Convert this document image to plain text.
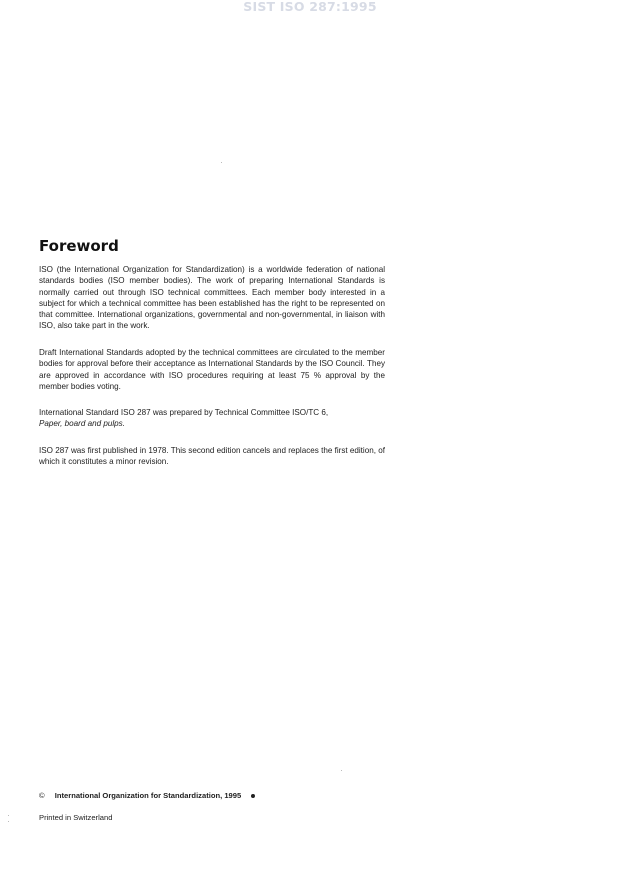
SIST ISO 287:1995
Foreword

ISO (the International Organization for Standardization) is a worldwide federation of national standards bodies (ISO member bodies). The work of preparing International Standards is normally carried out through ISO technical committees. Each member body interested in a subject for which a technical committee has been established has the right to be represented on that committee. International organizations, governmental and non-governmental, in liaison with ISO, also take part in the work.

Draft International Standards adopted by the technical committees are circulated to the member bodies for approval before their acceptance as International Standards by the ISO Council. They are approved in accordance with ISO procedures requiring at least 75 % approval by the member bodies voting.

International Standard ISO 287 was prepared by Technical Committee ISO/TC 6,
Paper, board and pulps.

ISO 287 was first published in 1978. This second edition cancels and replaces the first edition, of which it constitutes a minor revision.

© International Organization for Standardization, 1995
Printed in Switzerland
